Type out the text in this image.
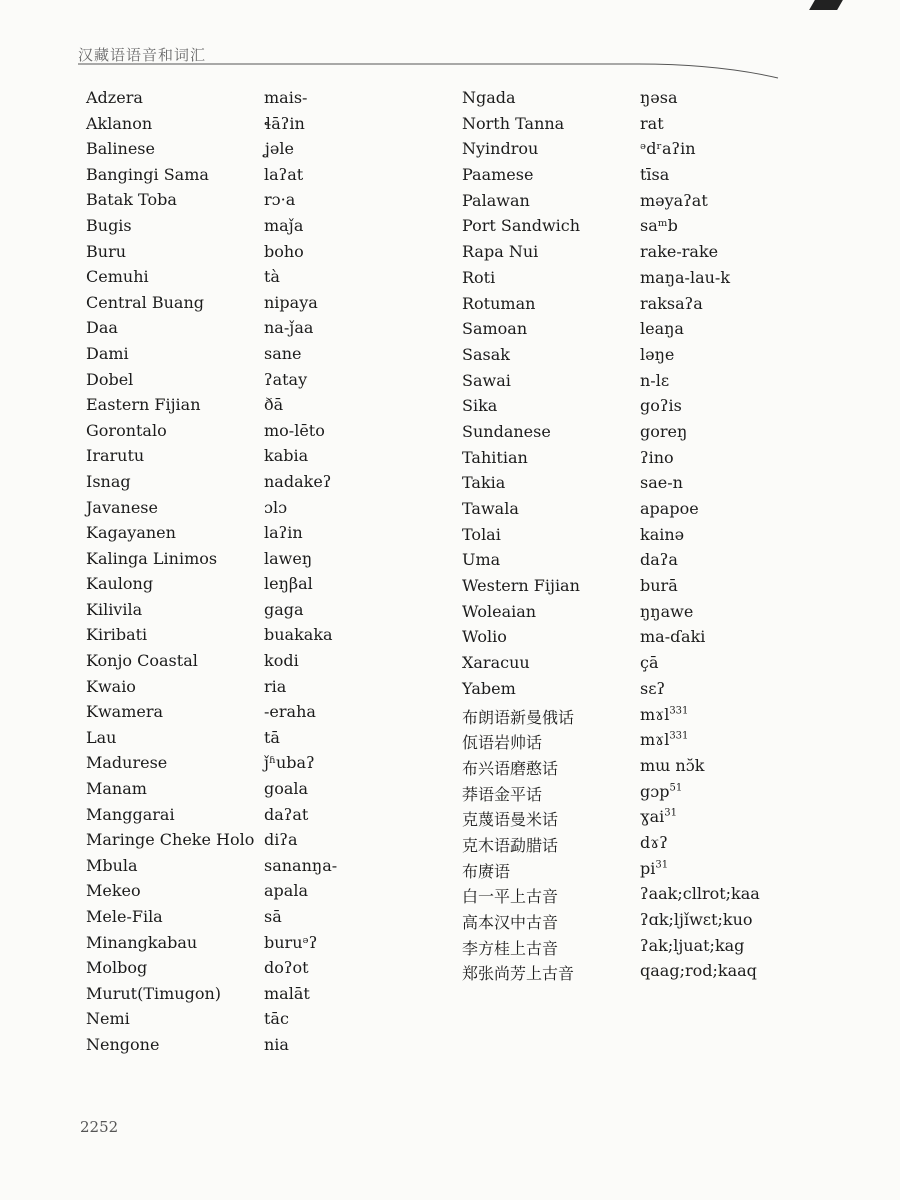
汉藏语语音和词汇
Adzera	mais-
Aklanon	ɬāʔin
Balinese	ʝəle
Bangingi Sama	laʔat
Batak Toba	rɔ·a
Bugis	maǰa
Buru	boho
Cemuhi	tà
Central Buang	nipaya
Daa	na-ǰaa
Dami	sane
Dobel	ʔatay
Eastern Fijian	ðā
Gorontalo	mo-lēto
Irarutu	kabia
Isnag	nadakeʔ
Javanese	ɔlɔ
Kagayanen	laʔin
Kalinga Linimos	laweŋ
Kaulong	leŋβal
Kilivila	gaga
Kiribati	buakaka
Konjo Coastal	kodi
Kwaio	ria
Kwamera	-eraha
Lau	tā
Madurese	ǰʱubaʔ
Manam	goala
Manggarai	daʔat
Maringe Cheke Holo diʔa
Mbula	sananŋa-
Mekeo	apala
Mele-Fila	sā
Minangkabau	buruᵊʔ
Molbog	doʔot
Murut(Timugon)	malāt
Nemi	tāc
Nengone	nia
Ngada	ŋəsa
North Tanna	rat
Nyindrou	ᵊdʳaʔin
Paamese	tīsa
Palawan	məyaʔat
Port Sandwich	saᵐb
Rapa Nui	rake-rake
Roti	maŋa-lau-k
Rotuman	raksaʔa
Samoan	leaŋa
Sasak	ləŋe
Sawai	n-lɛ
Sika	goʔis
Sundanese	goreŋ
Tahitian	ʔino
Takia	sae-n
Tawala	apapoe
Tolai	kainə
Uma	daʔa
Western Fijian	burā
Woleaian	ŋŋawe
Wolio	ma-ɗaki
Xaracuu	çā
Yabem	sɛʔ
布朗语新曼俄话	mɤl$^{331}$
佤语岩帅话	mɤl$^{331}$
布兴语磨憨话	mɯ nɔ̆k
莽语金平话	gɔp$^{51}$
克蔑语曼米话	ɣai$^{31}$
克木语勐腊话	dɤʔ
布赓语	$pi^{31}$
白一平上古音	ʔaak;cllrot;kaa
高本汉中古音	ʔɑk;ljǐwɛt;kuo
李方桂上古音	ʔak;ljuat;kag
郑张尚芳上古音	qaag;rod;kaaq
2252
